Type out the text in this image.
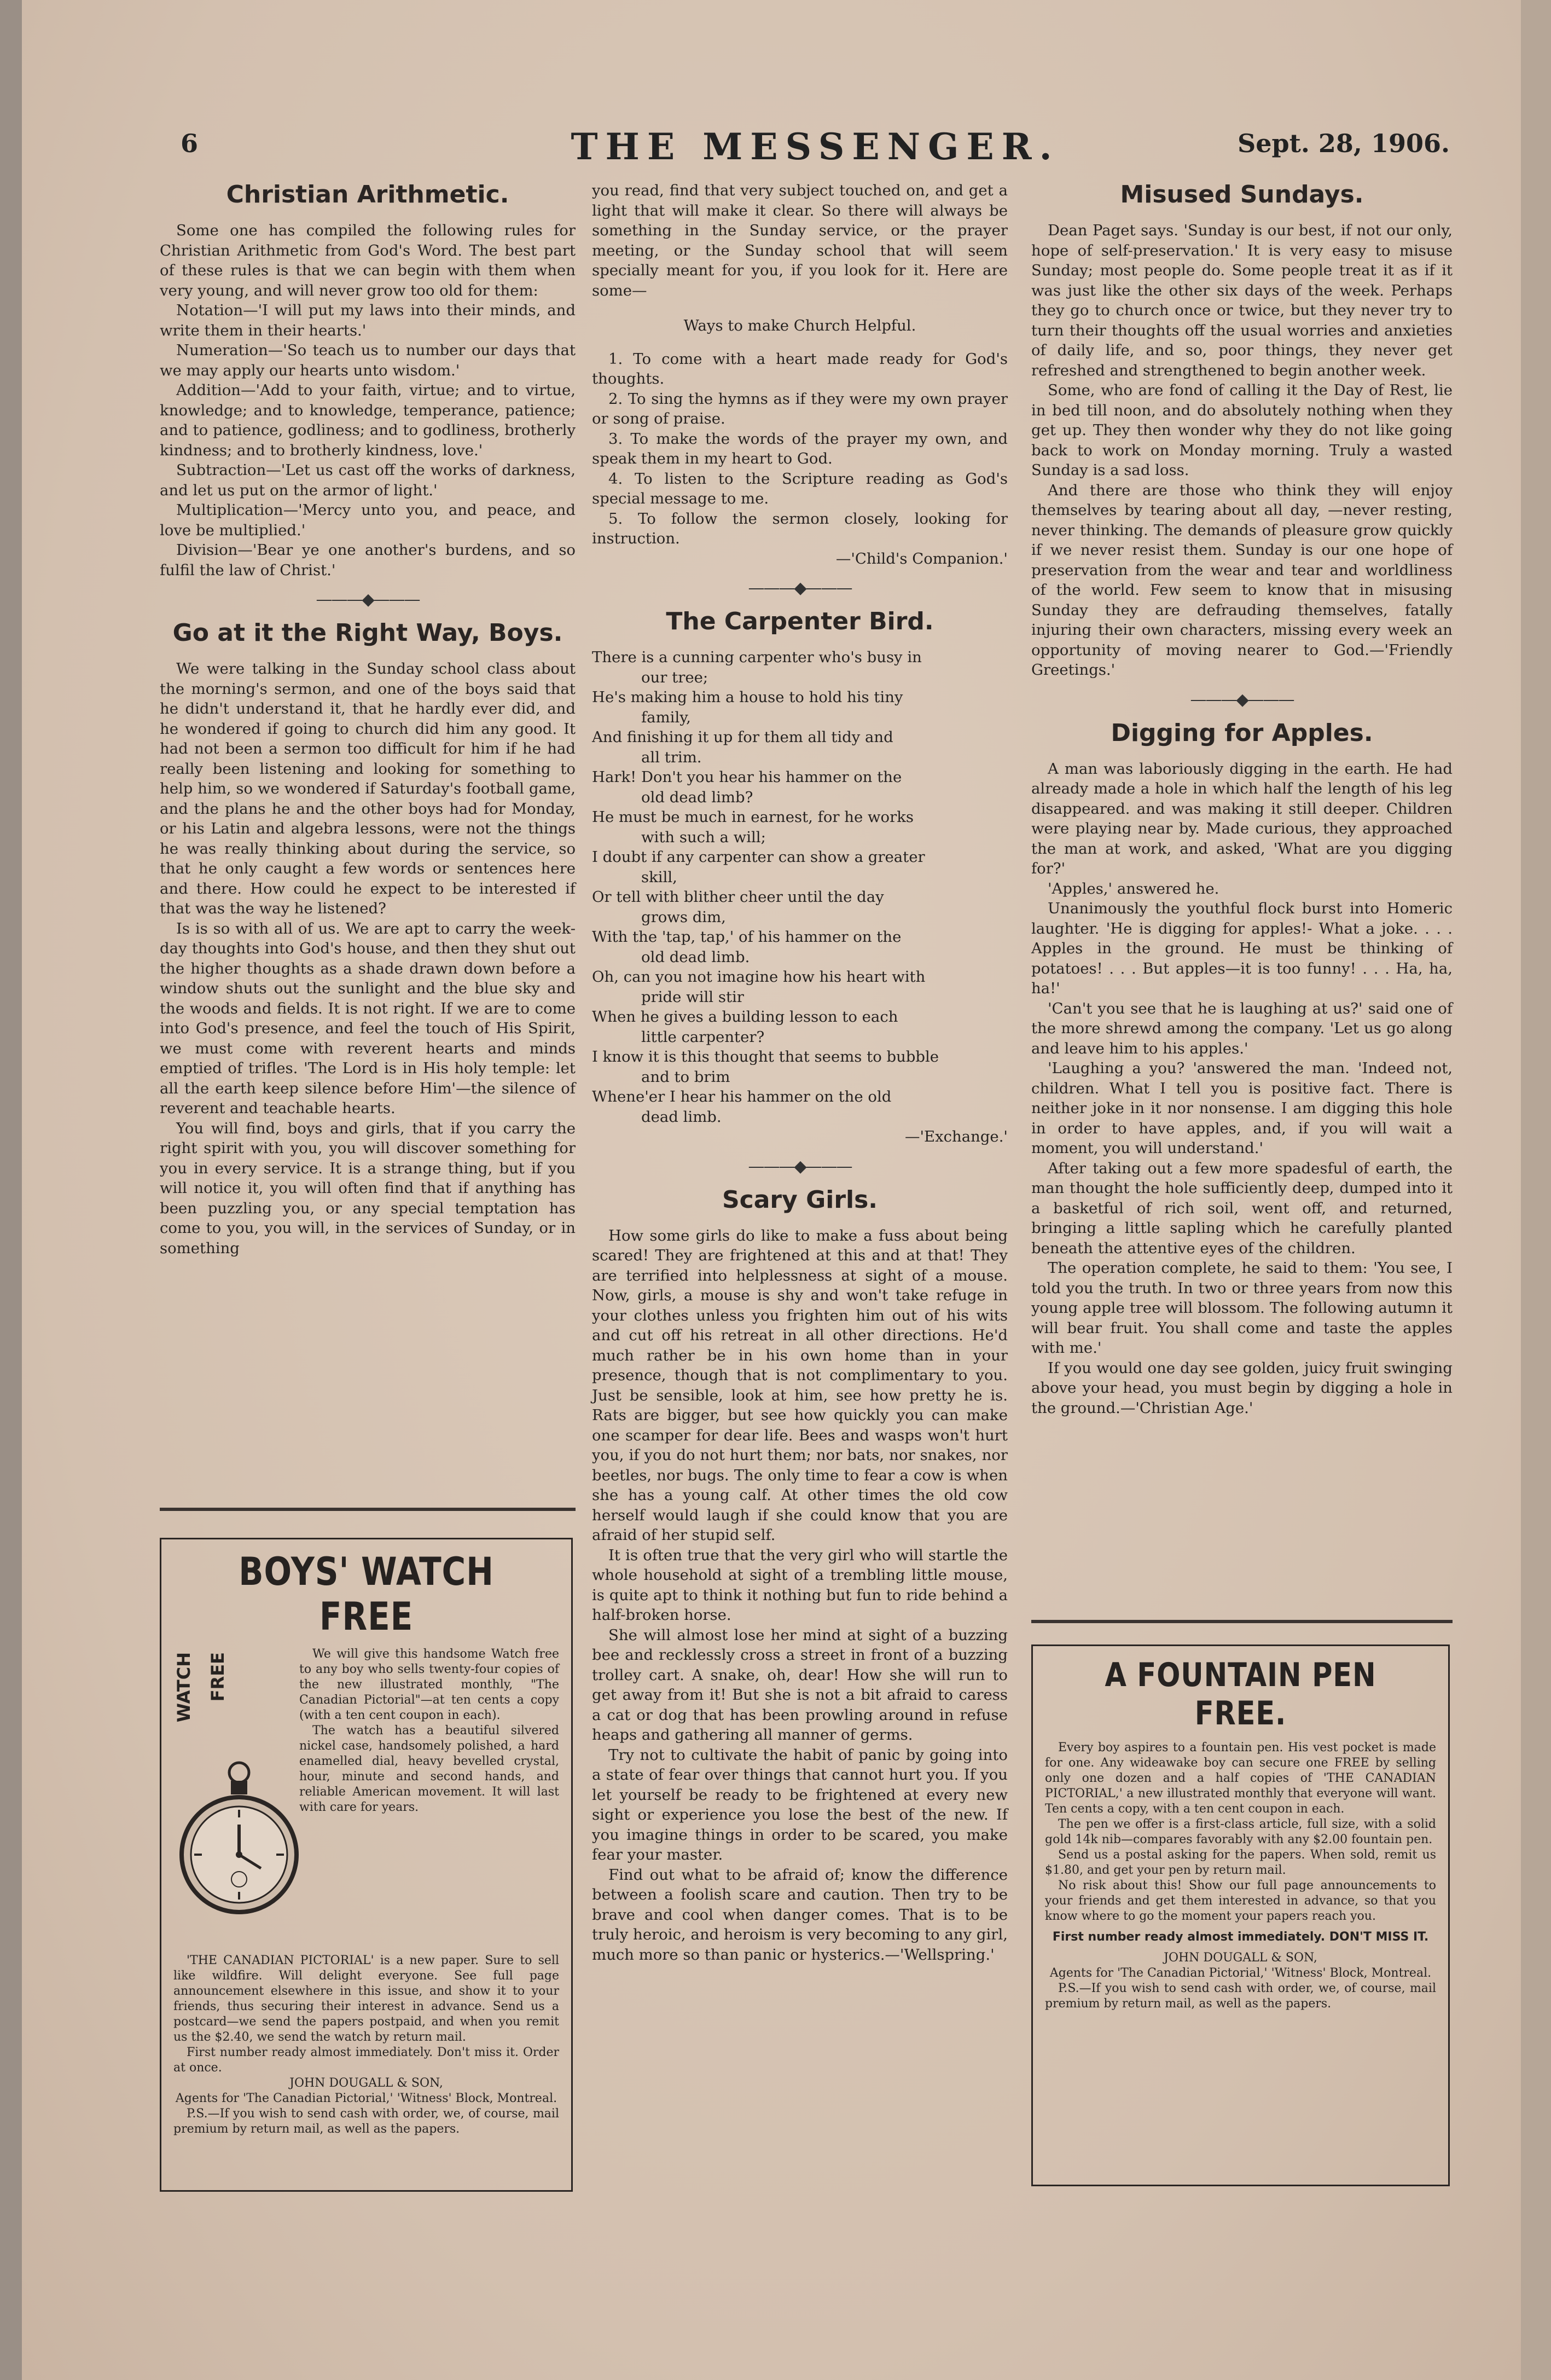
6	THE MESSENGER.	Sept. 28, 1906.
Christian Arithmetic.

Some one has compiled the following rules for Christian Arithmetic from God's Word. The best part of these rules is that we can begin with them when very young, and will never grow too old for them:

Notation—'I will put my laws into their minds, and write them in their hearts.'

Numeration—'So teach us to number our days that we may apply our hearts unto wisdom.'

Addition—'Add to your faith, virtue; and to virtue, knowledge; and to knowledge, temperance, patience; and to patience, godliness; and to godliness, brotherly kindness; and to brotherly kindness, love.'

Subtraction—'Let us cast off the works of darkness, and let us put on the armor of light.'

Multiplication—'Mercy unto you, and peace, and love be multiplied.'

Division—'Bear ye one another's burdens, and so fulfil the law of Christ.'

———◆———
Go at it the Right Way, Boys.

We were talking in the Sunday school class about the morning's sermon, and one of the boys said that he didn't understand it, that he hardly ever did, and he wondered if going to church did him any good. It had not been a sermon too difficult for him if he had really been listening and looking for something to help him, so we wondered if Saturday's football game, and the plans he and the other boys had for Monday, or his Latin and algebra lessons, were not the things he was really thinking about during the service, so that he only caught a few words or sentences here and there. How could he expect to be interested if that was the way he listened?

Is is so with all of us. We are apt to carry the week-day thoughts into God's house, and then they shut out the higher thoughts as a shade drawn down before a window shuts out the sunlight and the blue sky and the woods and fields. It is not right. If we are to come into God's presence, and feel the touch of His Spirit, we must come with reverent hearts and minds emptied of trifles. 'The Lord is in His holy temple: let all the earth keep silence before Him'—the silence of reverent and teachable hearts.

You will find, boys and girls, that if you carry the right spirit with you, you will discover something for you in every service. It is a strange thing, but if you will notice it, you will often find that if anything has been puzzling you, or any special temptation has come to you, you will, in the services of Sunday, or in something

BOYS' WATCH FREE
WATCH FREE	We will give this handsome Watch free to any boy who sells twenty-four copies of the new illustrated monthly, "The Canadian Pictorial"—at ten cents a copy (with a ten cent coupon in each).

The watch has a beautiful silvered nickel case, handsomely polished, a hard enamelled dial, heavy bevelled crystal, hour, minute and second hands, and reliable American movement. It will last with care for years.

'THE CANADIAN PICTORIAL' is a new paper. Sure to sell like wildfire. Will delight everyone. See full page announcement elsewhere in this issue, and show it to your friends, thus securing their interest in advance. Send us a postcard—we send the papers postpaid, and when you remit us the $2.40, we send the watch by return mail.

First number ready almost immediately. Don't miss it. Order at once.

JOHN DOUGALL & SON,

Agents for 'The Canadian Pictorial,' 'Witness' Block, Montreal.

P.S.—If you wish to send cash with order, we, of course, mail premium by return mail, as well as the papers.

you read, find that very subject touched on, and get a light that will make it clear. So there will always be something in the Sunday service, or the prayer meeting, or the Sunday school that will seem specially meant for you, if you look for it. Here are some—

Ways to make Church Helpful.

1. To come with a heart made ready for God's thoughts.

2. To sing the hymns as if they were my own prayer or song of praise.

3. To make the words of the prayer my own, and speak them in my heart to God.

4. To listen to the Scripture reading as God's special message to me.

5. To follow the sermon closely, looking for instruction.

—'Child's Companion.'

———◆———
The Carpenter Bird.

There is a cunning carpenter who's busy in

our tree;

He's making him a house to hold his tiny

family,

And finishing it up for them all tidy and

all trim.

Hark! Don't you hear his hammer on the

old dead limb?

He must be much in earnest, for he works

with such a will;

I doubt if any carpenter can show a greater

skill,

Or tell with blither cheer until the day

grows dim,

With the 'tap, tap,' of his hammer on the

old dead limb.

Oh, can you not imagine how his heart with

pride will stir

When he gives a building lesson to each

little carpenter?

I know it is this thought that seems to bubble

and to brim

Whene'er I hear his hammer on the old

dead limb.

—'Exchange.'

———◆———
Scary Girls.

How some girls do like to make a fuss about being scared! They are frightened at this and at that! They are terrified into helplessness at sight of a mouse. Now, girls, a mouse is shy and won't take refuge in your clothes unless you frighten him out of his wits and cut off his retreat in all other directions. He'd much rather be in his own home than in your presence, though that is not complimentary to you. Just be sensible, look at him, see how pretty he is. Rats are bigger, but see how quickly you can make one scamper for dear life. Bees and wasps won't hurt you, if you do not hurt them; nor bats, nor snakes, nor beetles, nor bugs. The only time to fear a cow is when she has a young calf. At other times the old cow herself would laugh if she could know that you are afraid of her stupid self.

It is often true that the very girl who will startle the whole household at sight of a trembling little mouse, is quite apt to think it nothing but fun to ride behind a half-broken horse.

She will almost lose her mind at sight of a buzzing bee and recklessly cross a street in front of a buzzing trolley cart. A snake, oh, dear! How she will run to get away from it! But she is not a bit afraid to caress a cat or dog that has been prowling around in refuse heaps and gathering all manner of germs.

Try not to cultivate the habit of panic by going into a state of fear over things that cannot hurt you. If you let yourself be ready to be frightened at every new sight or experience you lose the best of the new. If you imagine things in order to be scared, you make fear your master.

Find out what to be afraid of; know the difference between a foolish scare and caution. Then try to be brave and cool when danger comes. That is to be truly heroic, and heroism is very becoming to any girl, much more so than panic or hysterics.—'Wellspring.'

Misused Sundays.

Dean Paget says. 'Sunday is our best, if not our only, hope of self-preservation.' It is very easy to misuse Sunday; most people do. Some people treat it as if it was just like the other six days of the week. Perhaps they go to church once or twice, but they never try to turn their thoughts off the usual worries and anxieties of daily life, and so, poor things, they never get refreshed and strengthened to begin another week.

Some, who are fond of calling it the Day of Rest, lie in bed till noon, and do absolutely nothing when they get up. They then wonder why they do not like going back to work on Monday morning. Truly a wasted Sunday is a sad loss.

And there are those who think they will enjoy themselves by tearing about all day, —never resting, never thinking. The demands of pleasure grow quickly if we never resist them. Sunday is our one hope of preservation from the wear and tear and worldliness of the world. Few seem to know that in misusing Sunday they are defrauding themselves, fatally injuring their own characters, missing every week an opportunity of moving nearer to God.—'Friendly Greetings.'

———◆———
Digging for Apples.

A man was laboriously digging in the earth. He had already made a hole in which half the length of his leg disappeared. and was making it still deeper. Children were playing near by. Made curious, they approached the man at work, and asked, 'What are you digging for?'

'Apples,' answered he.

Unanimously the youthful flock burst into Homeric laughter. 'He is digging for apples!- What a joke. . . . Apples in the ground. He must be thinking of potatoes! . . . But apples—it is too funny! . . . Ha, ha, ha!'

'Can't you see that he is laughing at us?' said one of the more shrewd among the company. 'Let us go along and leave him to his apples.'

'Laughing a you? 'answered the man. 'Indeed not, children. What I tell you is positive fact. There is neither joke in it nor nonsense. I am digging this hole in order to have apples, and, if you will wait a moment, you will understand.'

After taking out a few more spadesful of earth, the man thought the hole sufficiently deep, dumped into it a basketful of rich soil, went off, and returned, bringing a little sapling which he carefully planted beneath the attentive eyes of the children.

The operation complete, he said to them: 'You see, I told you the truth. In two or three years from now this young apple tree will blossom. The following autumn it will bear fruit. You shall come and taste the apples with me.'

If you would one day see golden, juicy fruit swinging above your head, you must begin by digging a hole in the ground.—'Christian Age.'

A FOUNTAIN PEN FREE.

Every boy aspires to a fountain pen. His vest pocket is made for one. Any wideawake boy can secure one FREE by selling only one dozen and a half copies of 'THE CANADIAN PICTORIAL,' a new illustrated monthly that everyone will want. Ten cents a copy, with a ten cent coupon in each.

The pen we offer is a first-class article, full size, with a solid gold 14k nib—compares favorably with any $2.00 fountain pen.

Send us a postal asking for the papers. When sold, remit us $1.80, and get your pen by return mail.

No risk about this! Show our full page announcements to your friends and get them interested in advance, so that you know where to go the moment your papers reach you.

First number ready almost immediately. DON'T MISS IT.

JOHN DOUGALL & SON,

Agents for 'The Canadian Pictorial,' 'Witness' Block, Montreal.

P.S.—If you wish to send cash with order, we, of course, mail premium by return mail, as well as the papers.
